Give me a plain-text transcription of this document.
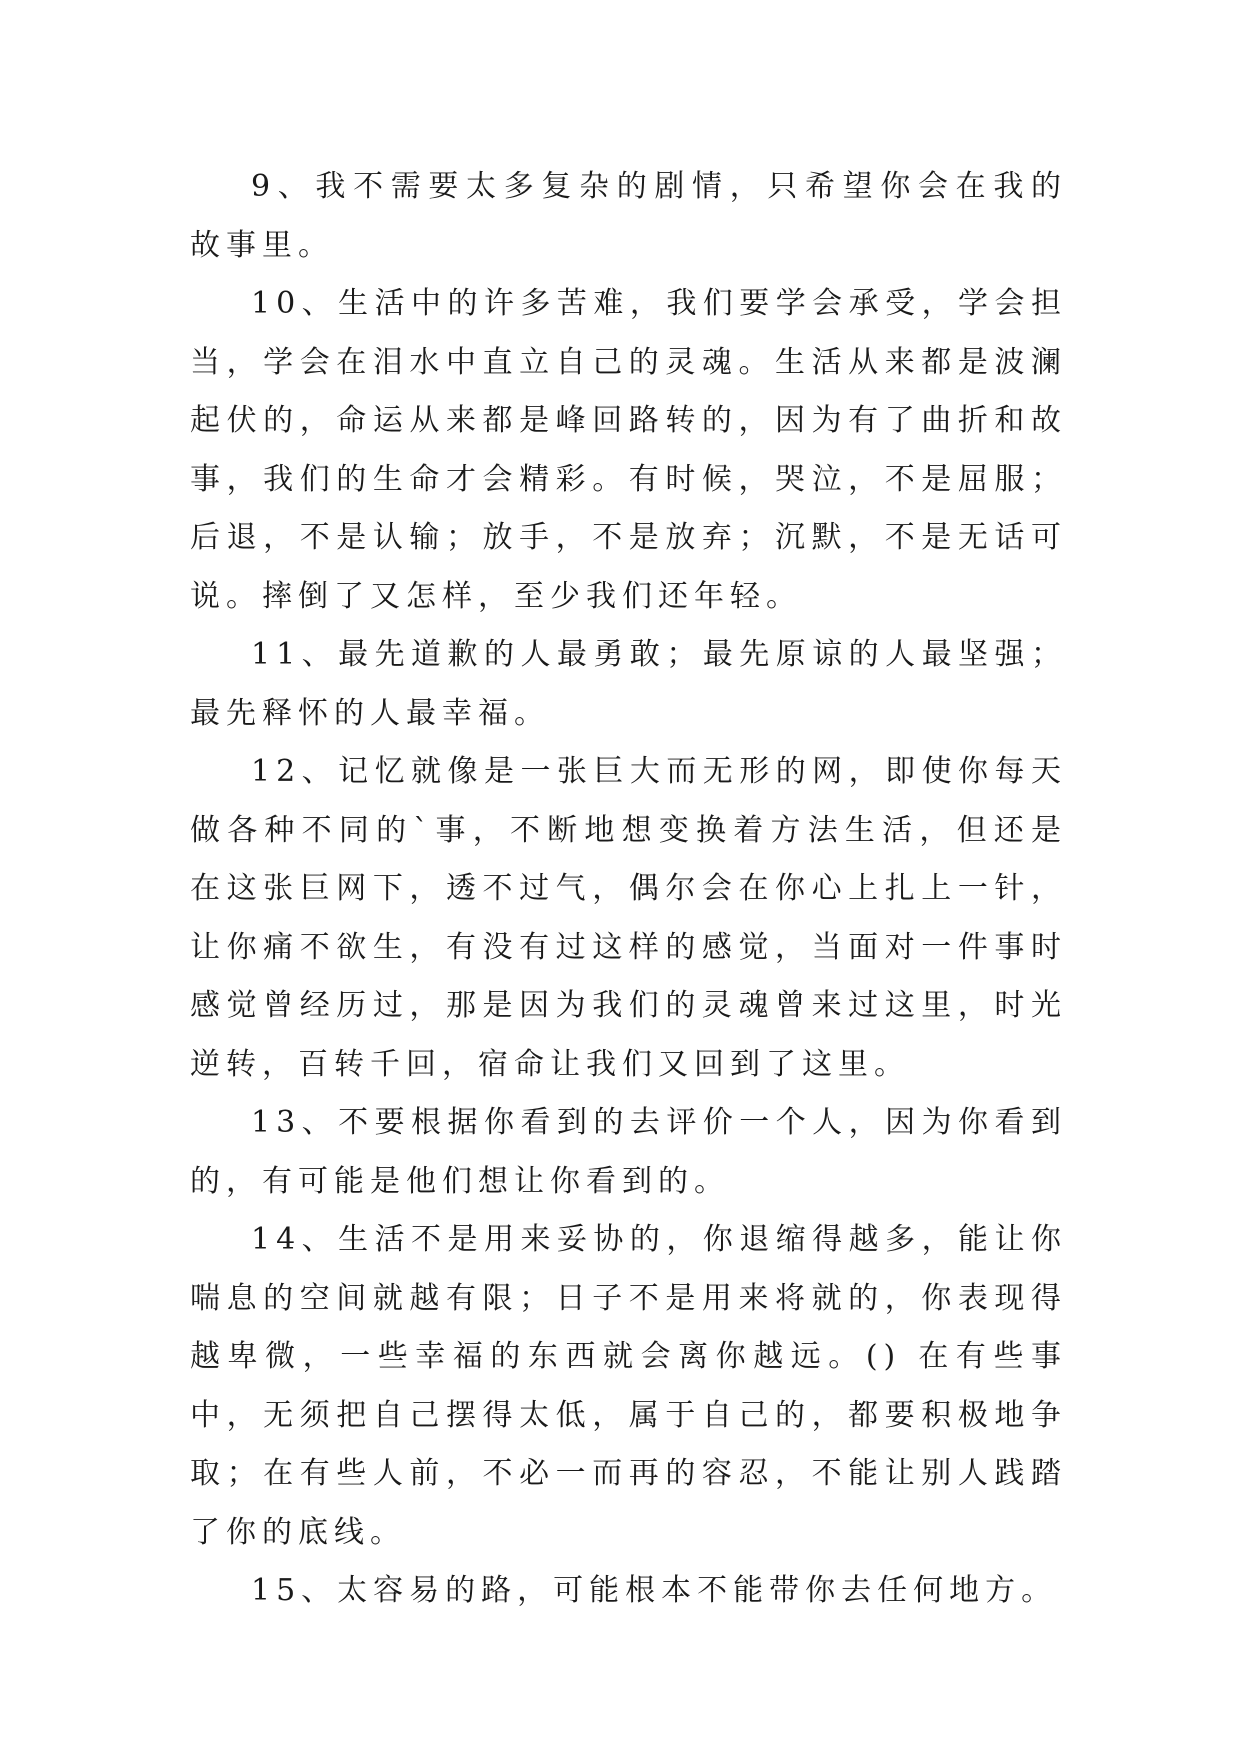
9、我不需要太多复杂的剧情，只希望你会在我的故事里。

10、生活中的许多苦难，我们要学会承受，学会担当，学会在泪水中直立自己的灵魂。生活从来都是波澜起伏的，命运从来都是峰回路转的，因为有了曲折和故事，我们的生命才会精彩。有时候，哭泣，不是屈服；后退，不是认输；放手，不是放弃；沉默，不是无话可说。摔倒了又怎样，至少我们还年轻。

11、最先道歉的人最勇敢；最先原谅的人最坚强；最先释怀的人最幸福。

12、记忆就像是一张巨大而无形的网，即使你每天做各种不同的`事，不断地想变换着方法生活，但还是在这张巨网下，透不过气，偶尔会在你心上扎上一针，让你痛不欲生，有没有过这样的感觉，当面对一件事时感觉曾经历过，那是因为我们的灵魂曾来过这里，时光逆转，百转千回，宿命让我们又回到了这里。

13、不要根据你看到的去评价一个人，因为你看到的，有可能是他们想让你看到的。

14、生活不是用来妥协的，你退缩得越多，能让你喘息的空间就越有限；日子不是用来将就的，你表现得越卑微，一些幸福的东西就会离你越远。() 在有些事中，无须把自己摆得太低，属于自己的，都要积极地争取；在有些人前，不必一而再的容忍，不能让别人践踏了你的底线。

15、太容易的路，可能根本不能带你去任何地方。
